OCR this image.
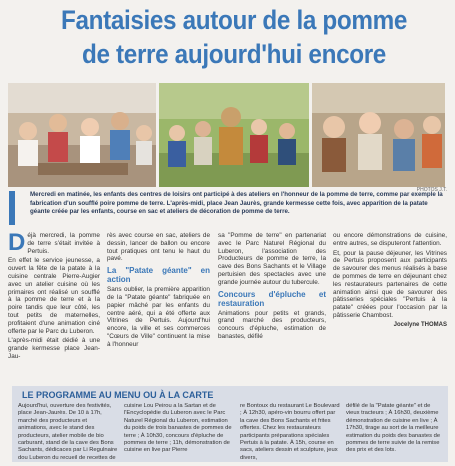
Fantaisies autour de la pomme
de terre aujourd'hui encore
PHOTOS J.T.
Mercredi en matinée, les enfants des centres de loisirs ont participé à des ateliers en l'honneur de la pomme de terre, comme par exemple la fabrication d'un soufflé poire pomme de terre. L'après-midi, place Jean Jaurès, grande kermesse cette fois, avec apparition de la patate géante créée par les enfants, course en sac et ateliers de décoration de pomme de terre.

Déjà mercredi, la pomme de terre s'était invitée à Pertuis.

En effet le service jeunesse, a ouvert la fête de la patate à la cuisine centrale Pierre-Augier avec un atelier cuisine où les primaires ont réalisé un soufflé à la pomme de terre et à la poire tandis que leur côté, les tout petits de maternelles, profitaient d'une animation ciné offerte par le Parc du Luberon.

L'après-midi était dédié à une grande kermesse place Jean-Jau-

rès avec course en sac, ateliers de dessin, lancer de ballon ou encore tout pratiques ont tenu le haut du pavé.

La "Patate géante" en action

Sans oublier, la première apparition de la "Patate géante" fabriquée en papier mâché par les enfants du centre aéré, qui a été offerte aux Vitrines de Pertuis. Aujourd'hui encore, la ville et ses commerces "Cœurs de Ville" continuent la mise à l'honneur

sa "Pomme de terre" en partenariat avec le Parc Naturel Régional du Luberon, l'association des Producteurs de pomme de terre, la cave des Bons Sachants et le Village pertuisien des spectacles avec une grande journée autour du tubercule.

Concours d'épluche et restauration

Animations pour petits et grands, grand marché des producteurs, concours d'épluche, estimation de banastes, défilé

ou encore démonstrations de cuisine, entre autres, se disputeront l'attention.

Et, pour la pause déjeuner, les Vitrines de Pertuis proposent aux participants de savourer des menus réalisés à base de pommes de terre en déjeunant chez les restaurateurs partenaires de cette animation ainsi que de savourer des pâtisseries spéciales "Pertuis à la patate" créées pour l'occasion par la pâtisserie Chambost.

Jocelyne THOMAS
LE PROGRAMME AU MENU OU À LA CARTE
Aujourd'hui, ouverture des festivités, place Jean-Jaurès. De 10 à 17h, marché des producteurs et animations, avec le stand des producteurs, atelier mobile de bio carburant, stand de la cave des Bons Sachants, dédicaces par Li Regulnaire dou Luberon du recueil de recettes de
cuisine Lou Peirou a la Sartan et de l'Encyclopédie du Luberon avec le Parc Naturel Régional du Luberon, estimation du poids de trois banastes de pommes de terre ; À 10h30, concours d'épluche de pommes de terre ; 11h, démonstration de cuisine en live par Pierre
re Bontoux du restaurant Le Boulevard ; À 12h30, apéro-vin bourru offert par la cave des Bons Sachants et frites offertes. Chez les restaurateurs participants préparations spéciales Pertuis à la patate. À 15h, course en sacs, ateliers dessin et sculpture, jeux divers,
défilé de la "Patate géante" et de vieux tracteurs ; À 16h30, deuxième démonstration de cuisine en live ; À 17h30, tirage au sort de la meilleure estimation du poids des banastes de pommes de terre suivie de la remise des prix et des lots.
